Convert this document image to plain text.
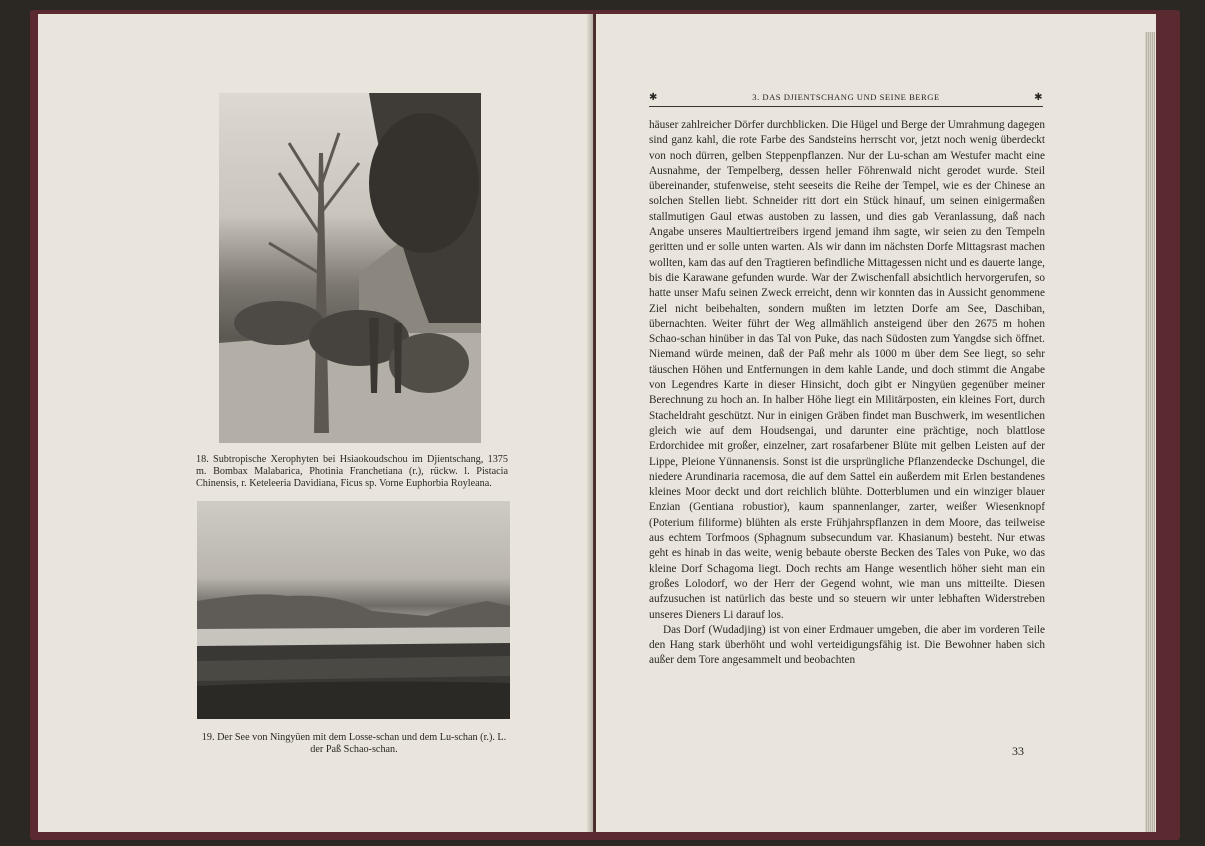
18. Subtropische Xerophyten bei Hsiaokoudschou im Djientschang, 1375 m. Bombax Malabarica, Photinia Franchetiana (r.), rückw. l. Pistacia Chinensis, r. Keteleeria Davidiana, Ficus sp. Vorne Euphorbia Royleana.

19. Der See von Ningyüen mit dem Losse-schan und dem Lu-schan (r.). L. der Paß Schao-schan.

✱	3. DAS DJIENTSCHANG UND SEINE BERGE	✱

häuser zahlreicher Dörfer durchblicken. Die Hügel und Berge der Umrahmung dagegen sind ganz kahl, die rote Farbe des Sandsteins herrscht vor, jetzt noch wenig überdeckt von noch dürren, gelben Steppenpflanzen. Nur der Lu-schan am Westufer macht eine Ausnahme, der Tempelberg, dessen heller Föhrenwald nicht gerodet wurde. Steil übereinander, stufenweise, steht seeseits die Reihe der Tempel, wie es der Chinese an solchen Stellen liebt. Schneider ritt dort ein Stück hinauf, um seinen einigermaßen stallmutigen Gaul etwas austoben zu lassen, und dies gab Veranlassung, daß nach Angabe unseres Maultiertreibers irgend jemand ihm sagte, wir seien zu den Tempeln geritten und er solle unten warten. Als wir dann im nächsten Dorfe Mittagsrast machen wollten, kam das auf den Tragtieren befindliche Mittagessen nicht und es dauerte lange, bis die Karawane gefunden wurde. War der Zwischenfall absichtlich hervorgerufen, so hatte unser Mafu seinen Zweck erreicht, denn wir konnten das in Aussicht genommene Ziel nicht beibehalten, sondern mußten im letzten Dorfe am See, Daschiban, übernachten. Weiter führt der Weg allmählich ansteigend über den 2675 m hohen Schao-schan hinüber in das Tal von Puke, das nach Südosten zum Yangdse sich öffnet. Niemand würde meinen, daß der Paß mehr als 1000 m über dem See liegt, so sehr täuschen Höhen und Entfernungen in dem kahle Lande, und doch stimmt die Angabe von Legendres Karte in dieser Hinsicht, doch gibt er Ningyüen gegenüber meiner Berechnung zu hoch an. In halber Höhe liegt ein Militärposten, ein kleines Fort, durch Stacheldraht geschützt. Nur in einigen Gräben findet man Buschwerk, im wesentlichen gleich wie auf dem Houdsengai, und darunter eine prächtige, noch blattlose Erdorchidee mit großer, einzelner, zart rosafarbener Blüte mit gelben Leisten auf der Lippe, Pleione Yünnanensis. Sonst ist die ursprüngliche Pflanzendecke Dschungel, die niedere Arundinaria racemosa, die auf dem Sattel ein außerdem mit Erlen bestandenes kleines Moor deckt und dort reichlich blühte. Dotterblumen und ein winziger blauer Enzian (Gentiana robustior), kaum spannenlanger, zarter, weißer Wiesenknopf (Poterium filiforme) blühten als erste Frühjahrspflanzen in dem Moore, das teilweise aus echtem Torfmoos (Sphagnum subsecundum var. Khasianum) besteht. Nur etwas geht es hinab in das weite, wenig bebaute oberste Becken des Tales von Puke, wo das kleine Dorf Schagoma liegt. Doch rechts am Hange wesentlich höher sieht man ein großes Lolodorf, wo der Herr der Gegend wohnt, wie man uns mitteilte. Diesen aufzusuchen ist natürlich das beste und so steuern wir unter lebhaften Widerstreben unseres Dieners Li darauf los.

Das Dorf (Wudadjing) ist von einer Erdmauer umgeben, die aber im vorderen Teile den Hang stark überhöht und wohl verteidigungsfähig ist. Die Bewohner haben sich außer dem Tore angesammelt und beobachten

33
